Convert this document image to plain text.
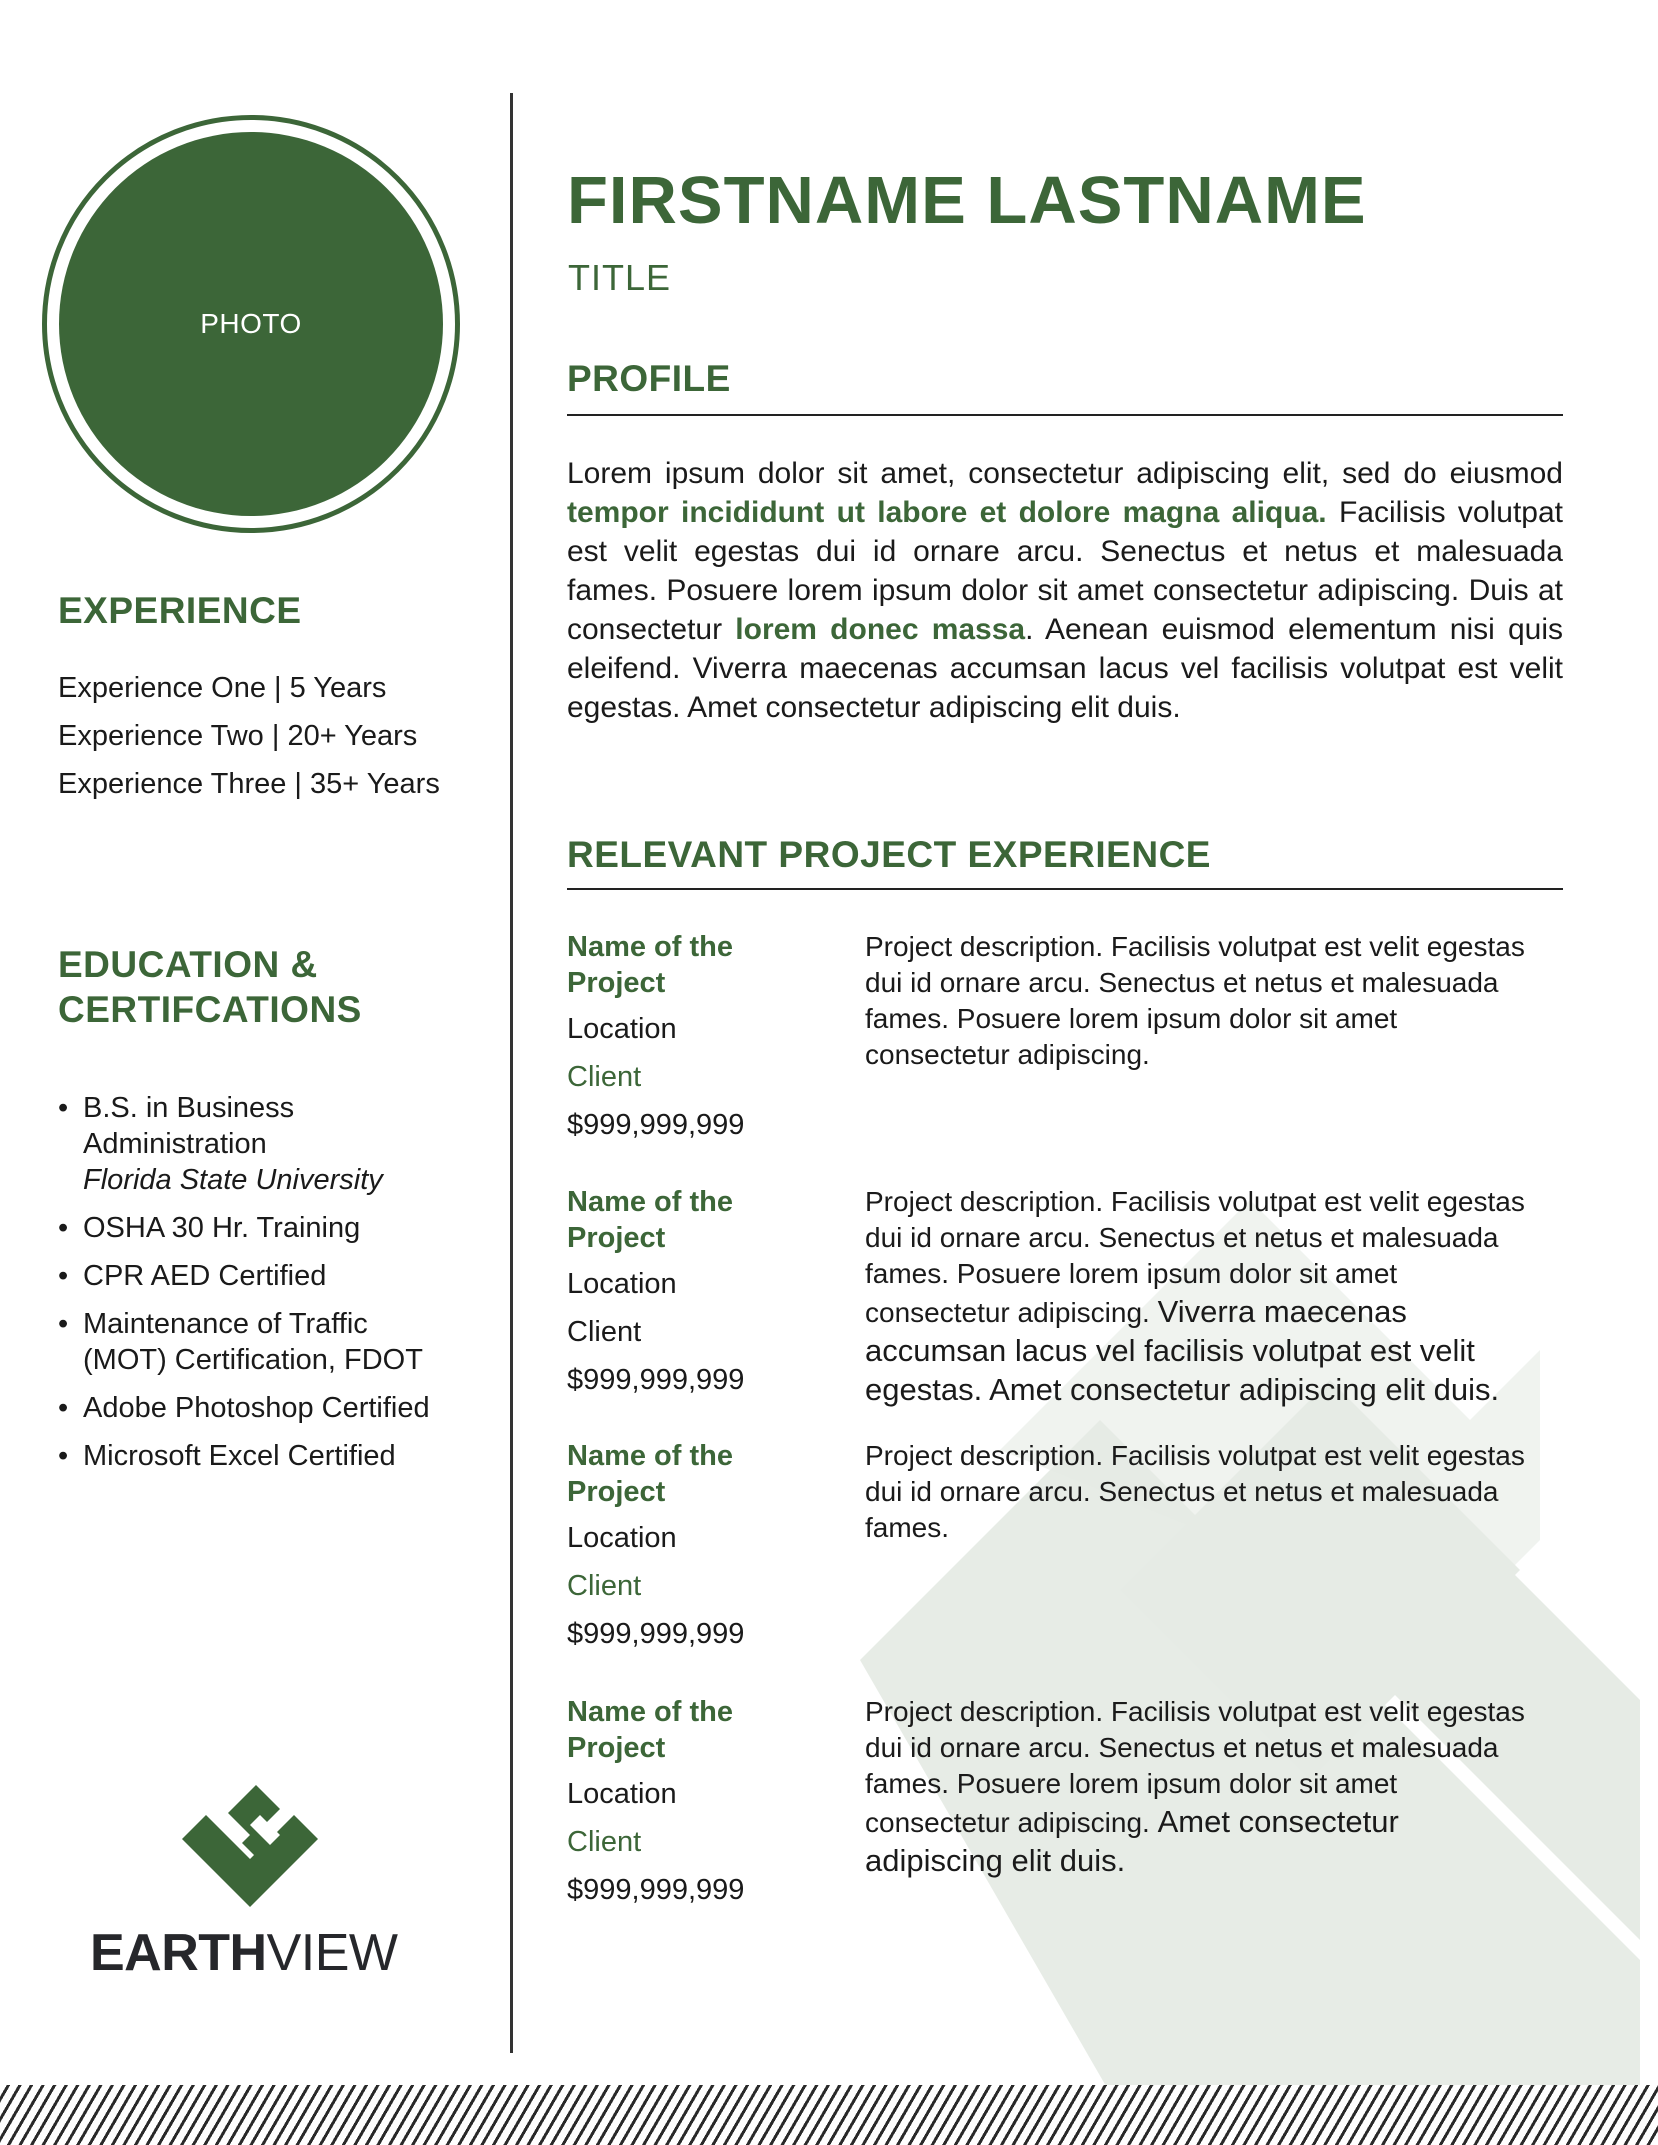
PHOTO
EXPERIENCE
Experience One | 5 Years
Experience Two | 20+ Years
Experience Three | 35+ Years
EDUCATION &
CERTIFCATIONS
• B.S. in Business Administration
Florida State University
• OSHA 30 Hr. Training
• CPR AED Certified
• Maintenance of Traffic (MOT) Certification, FDOT
• Adobe Photoshop Certified
• Microsoft Excel Certified
EARTHVIEW
FIRSTNAME LASTNAME
TITLE
PROFILE
Lorem ipsum dolor sit amet, consectetur adipiscing elit, sed do eiusmod tempor incididunt ut labore et dolore magna aliqua. Facilisis volutpat est velit egestas dui id ornare arcu. Senectus et netus et malesuada fames. Posuere lorem ipsum dolor sit amet consectetur adipiscing. Duis at consectetur lorem donec massa. Aenean euismod elementum nisi quis eleifend. Viverra maecenas accumsan lacus vel facilisis volutpat est velit egestas. Amet consectetur adipiscing elit duis.
RELEVANT PROJECT EXPERIENCE
Name of the Project
Location
Client
$999,999,999
Project description. Facilisis volutpat est velit egestas dui id ornare arcu. Senectus et netus et malesuada fames. Posuere lorem ipsum dolor sit amet consectetur adipiscing.
Name of the Project
Location
Client
$999,999,999
Project description. Facilisis volutpat est velit egestas dui id ornare arcu. Senectus et netus et malesuada fames. Posuere lorem ipsum dolor sit amet consectetur adipiscing. Viverra maecenas accumsan lacus vel facilisis volutpat est velit egestas. Amet consectetur adipiscing elit duis.
Name of the Project
Location
Client
$999,999,999
Project description. Facilisis volutpat est velit egestas dui id ornare arcu. Senectus et netus et malesuada fames.
Name of the Project
Location
Client
$999,999,999
Project description. Facilisis volutpat est velit egestas dui id ornare arcu. Senectus et netus et malesuada fames. Posuere lorem ipsum dolor sit amet consectetur adipiscing. Amet consectetur adipiscing elit duis.
